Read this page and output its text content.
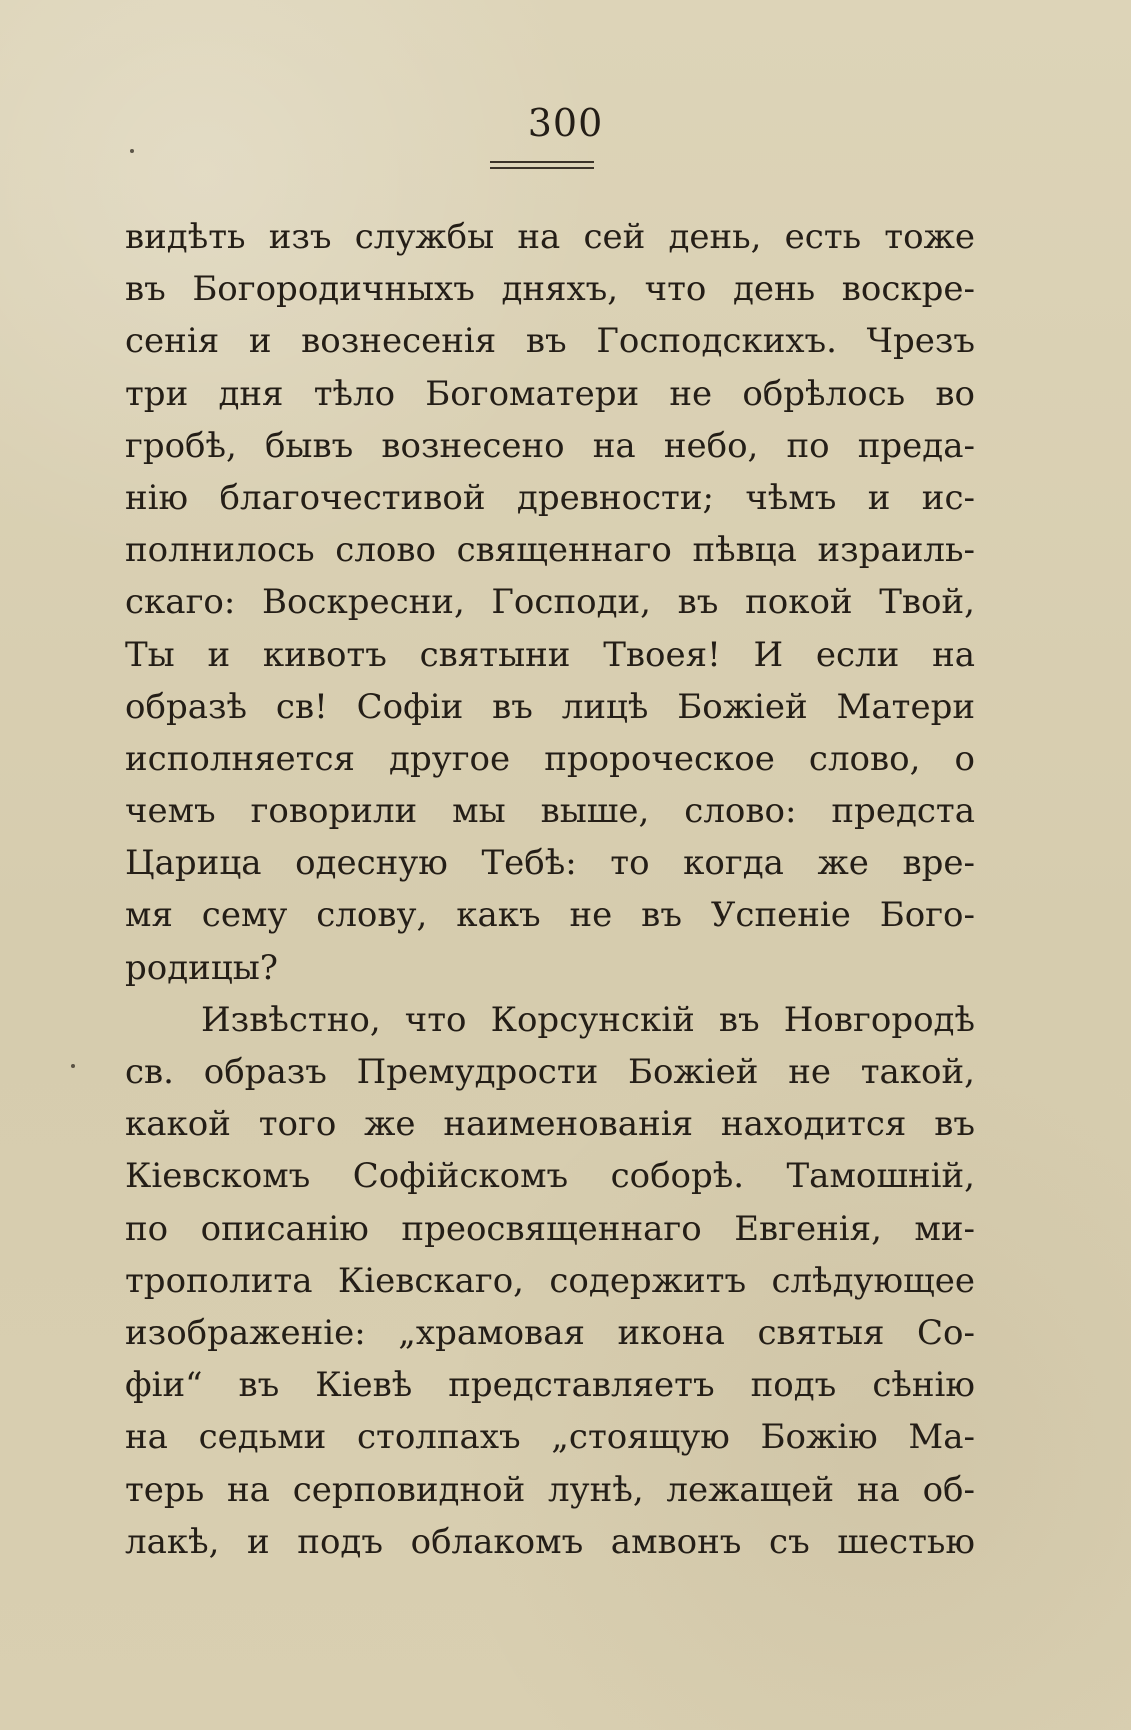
300
видѣть изъ службы на сей день, есть тоже
въ Богородичныхъ дняхъ, что день воскре-
сенія и вознесенія въ Господскихъ. Чрезъ
три дня тѣло Богоматери не обрѣлось во
гробѣ, бывъ вознесено на небо, по преда-
нію благочестивой древности; чѣмъ и ис-
полнилось слово священнаго пѣвца израиль-
скаго: Воскресни, Господи, въ покой Твой,
Ты и кивотъ святыни Твоея! И если на
образѣ св! Софіи въ лицѣ Божіей Матери
исполняется другое пророческое слово, о
чемъ говорили мы выше, слово: предста
Царица одесную Тебѣ: то когда же вре-
мя сему слову, какъ не въ Успеніе Бого-
родицы?
Извѣстно, что Корсунскій въ Новгородѣ
св. образъ Премудрости Божіей не такой,
какой того же наименованія находится въ
Кіевскомъ Софійскомъ соборѣ. Тамошній,
по описанію преосвященнаго Евгенія, ми-
трополита Кіевскаго, содержитъ слѣдующее
изображеніе: „храмовая икона святыя Со-
фіи“ въ Кіевѣ представляетъ подъ сѣнію
на седьми столпахъ „стоящую Божію Ма-
терь на серповидной лунѣ, лежащей на об-
лакѣ, и подъ облакомъ амвонъ съ шестью
